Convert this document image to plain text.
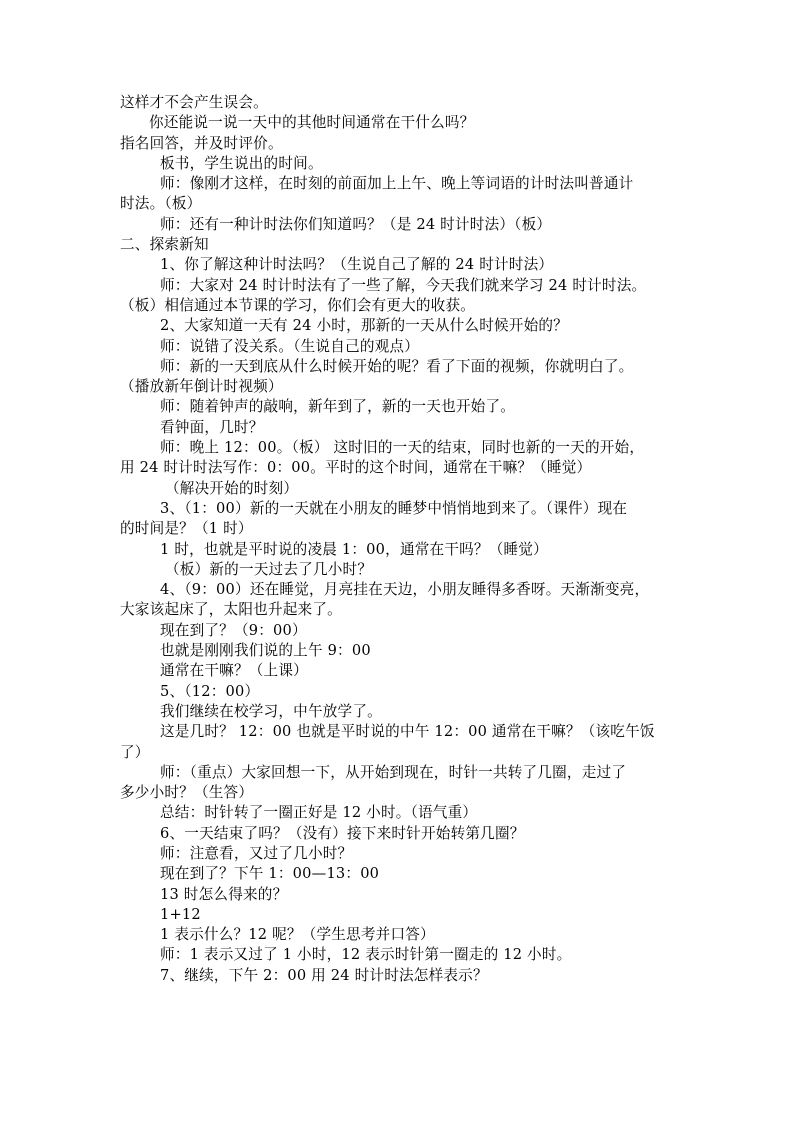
这样才不会产生误会。
你还能说一说一天中的其他时间通常在干什么吗？
指名回答，并及时评价。
板书，学生说出的时间。
师：像刚才这样，在时刻的前面加上上午、晚上等词语的计时法叫普通计
时法。（板）
师：还有一种计时法你们知道吗？（是 24 时计时法）（板）
二、探索新知
1、你了解这种计时法吗？（生说自己了解的 24 时计时法）
师：大家对 24 时计时法有了一些了解，今天我们就来学习 24 时计时法。
（板）相信通过本节课的学习，你们会有更大的收获。
2、大家知道一天有 24 小时，那新的一天从什么时候开始的？
师：说错了没关系。（生说自己的观点）
师：新的一天到底从什么时候开始的呢？看了下面的视频，你就明白了。
（播放新年倒计时视频）
师：随着钟声的敲响，新年到了，新的一天也开始了。
看钟面，几时？
师：晚上 12：00。（板） 这时旧的一天的结束，同时也新的一天的开始，
用 24 时计时法写作：0：00。平时的这个时间，通常在干嘛？（睡觉）
（解决开始的时刻）
3、（1：00）新的一天就在小朋友的睡梦中悄悄地到来了。（课件）现在
的时间是？（1 时）
1 时，也就是平时说的凌晨 1：00，通常在干吗？（睡觉）
（板）新的一天过去了几小时？
4、（9：00）还在睡觉，月亮挂在天边，小朋友睡得多香呀。天渐渐变亮，
大家该起床了，太阳也升起来了。
现在到了？（9：00）
也就是刚刚我们说的上午 9：00
通常在干嘛？（上课）
5、（12：00）
我们继续在校学习，中午放学了。
这是几时？ 12：00 也就是平时说的中午 12：00 通常在干嘛？（该吃午饭
了）
师：（重点）大家回想一下，从开始到现在，时针一共转了几圈，走过了
多少小时？（生答）
总结：时针转了一圈正好是 12 小时。（语气重）
6、一天结束了吗？（没有）接下来时针开始转第几圈？
师：注意看，又过了几小时？
现在到了？下午 1：00—13：00
13 时怎么得来的？
1+12
1 表示什么？12 呢？（学生思考并口答）
师：1 表示又过了 1 小时，12 表示时针第一圈走的 12 小时。
7、继续，下午 2：00 用 24 时计时法怎样表示？
